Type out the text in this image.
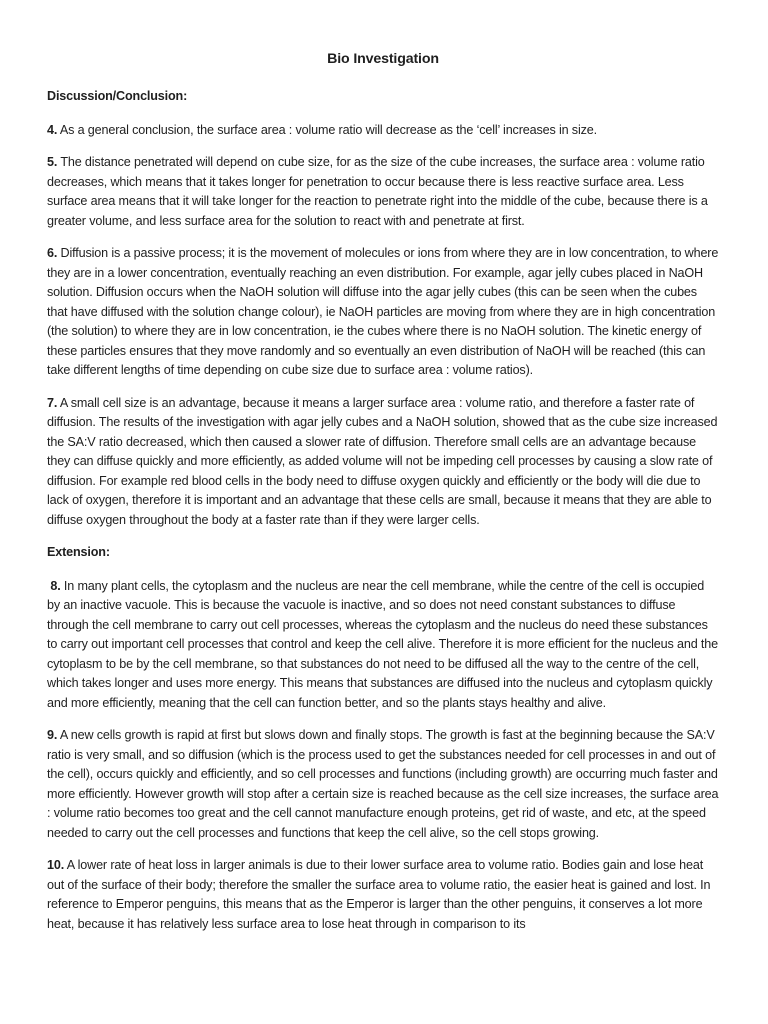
Bio Investigation
Discussion/Conclusion:

4. As a general conclusion, the surface area : volume ratio will decrease as the ‘cell’ increases in size.

5. The distance penetrated will depend on cube size, for as the size of the cube increases, the surface area : volume ratio decreases, which means that it takes longer for penetration to occur because there is less reactive surface area. Less surface area means that it will take longer for the reaction to penetrate right into the middle of the cube, because there is a greater volume, and less surface area for the solution to react with and penetrate at first.

6. Diffusion is a passive process; it is the movement of molecules or ions from where they are in low concentration, to where they are in a lower concentration, eventually reaching an even distribution. For example, agar jelly cubes placed in NaOH solution. Diffusion occurs when the NaOH solution will diffuse into the agar jelly cubes (this can be seen when the cubes that have diffused with the solution change colour), ie NaOH particles are moving from where they are in high concentration (the solution) to where they are in low concentration, ie the cubes where there is no NaOH solution. The kinetic energy of these particles ensures that they move randomly and so eventually an even distribution of NaOH will be reached (this can take different lengths of time depending on cube size due to surface area : volume ratios).

7. A small cell size is an advantage, because it means a larger surface area : volume ratio, and therefore a faster rate of diffusion. The results of the investigation with agar jelly cubes and a NaOH solution, showed that as the cube size increased the SA:V ratio decreased, which then caused a slower rate of diffusion. Therefore small cells are an advantage because they can diffuse quickly and more efficiently, as added volume will not be impeding cell processes by causing a slow rate of diffusion. For example red blood cells in the body need to diffuse oxygen quickly and efficiently or the body will die due to lack of oxygen, therefore it is important and an advantage that these cells are small, because it means that they are able to diffuse oxygen throughout the body at a faster rate than if they were larger cells.

Extension:

8. In many plant cells, the cytoplasm and the nucleus are near the cell membrane, while the centre of the cell is occupied by an inactive vacuole. This is because the vacuole is inactive, and so does not need constant substances to diffuse through the cell membrane to carry out cell processes, whereas the cytoplasm and the nucleus do need these substances to carry out important cell processes that control and keep the cell alive. Therefore it is more efficient for the nucleus and the cytoplasm to be by the cell membrane, so that substances do not need to be diffused all the way to the centre of the cell, which takes longer and uses more energy. This means that substances are diffused into the nucleus and cytoplasm quickly and more efficiently, meaning that the cell can function better, and so the plants stays healthy and alive.

9. A new cells growth is rapid at first but slows down and finally stops. The growth is fast at the beginning because the SA:V ratio is very small, and so diffusion (which is the process used to get the substances needed for cell processes in and out of the cell), occurs quickly and efficiently, and so cell processes and functions (including growth) are occurring much faster and more efficiently. However growth will stop after a certain size is reached because as the cell size increases, the surface area : volume ratio becomes too great and the cell cannot manufacture enough proteins, get rid of waste, and etc, at the speed needed to carry out the cell processes and functions that keep the cell alive, so the cell stops growing.

10. A lower rate of heat loss in larger animals is due to their lower surface area to volume ratio. Bodies gain and lose heat out of the surface of their body; therefore the smaller the surface area to volume ratio, the easier heat is gained and lost. In reference to Emperor penguins, this means that as the Emperor is larger than the other penguins, it conserves a lot more heat, because it has relatively less surface area to lose heat through in comparison to its
